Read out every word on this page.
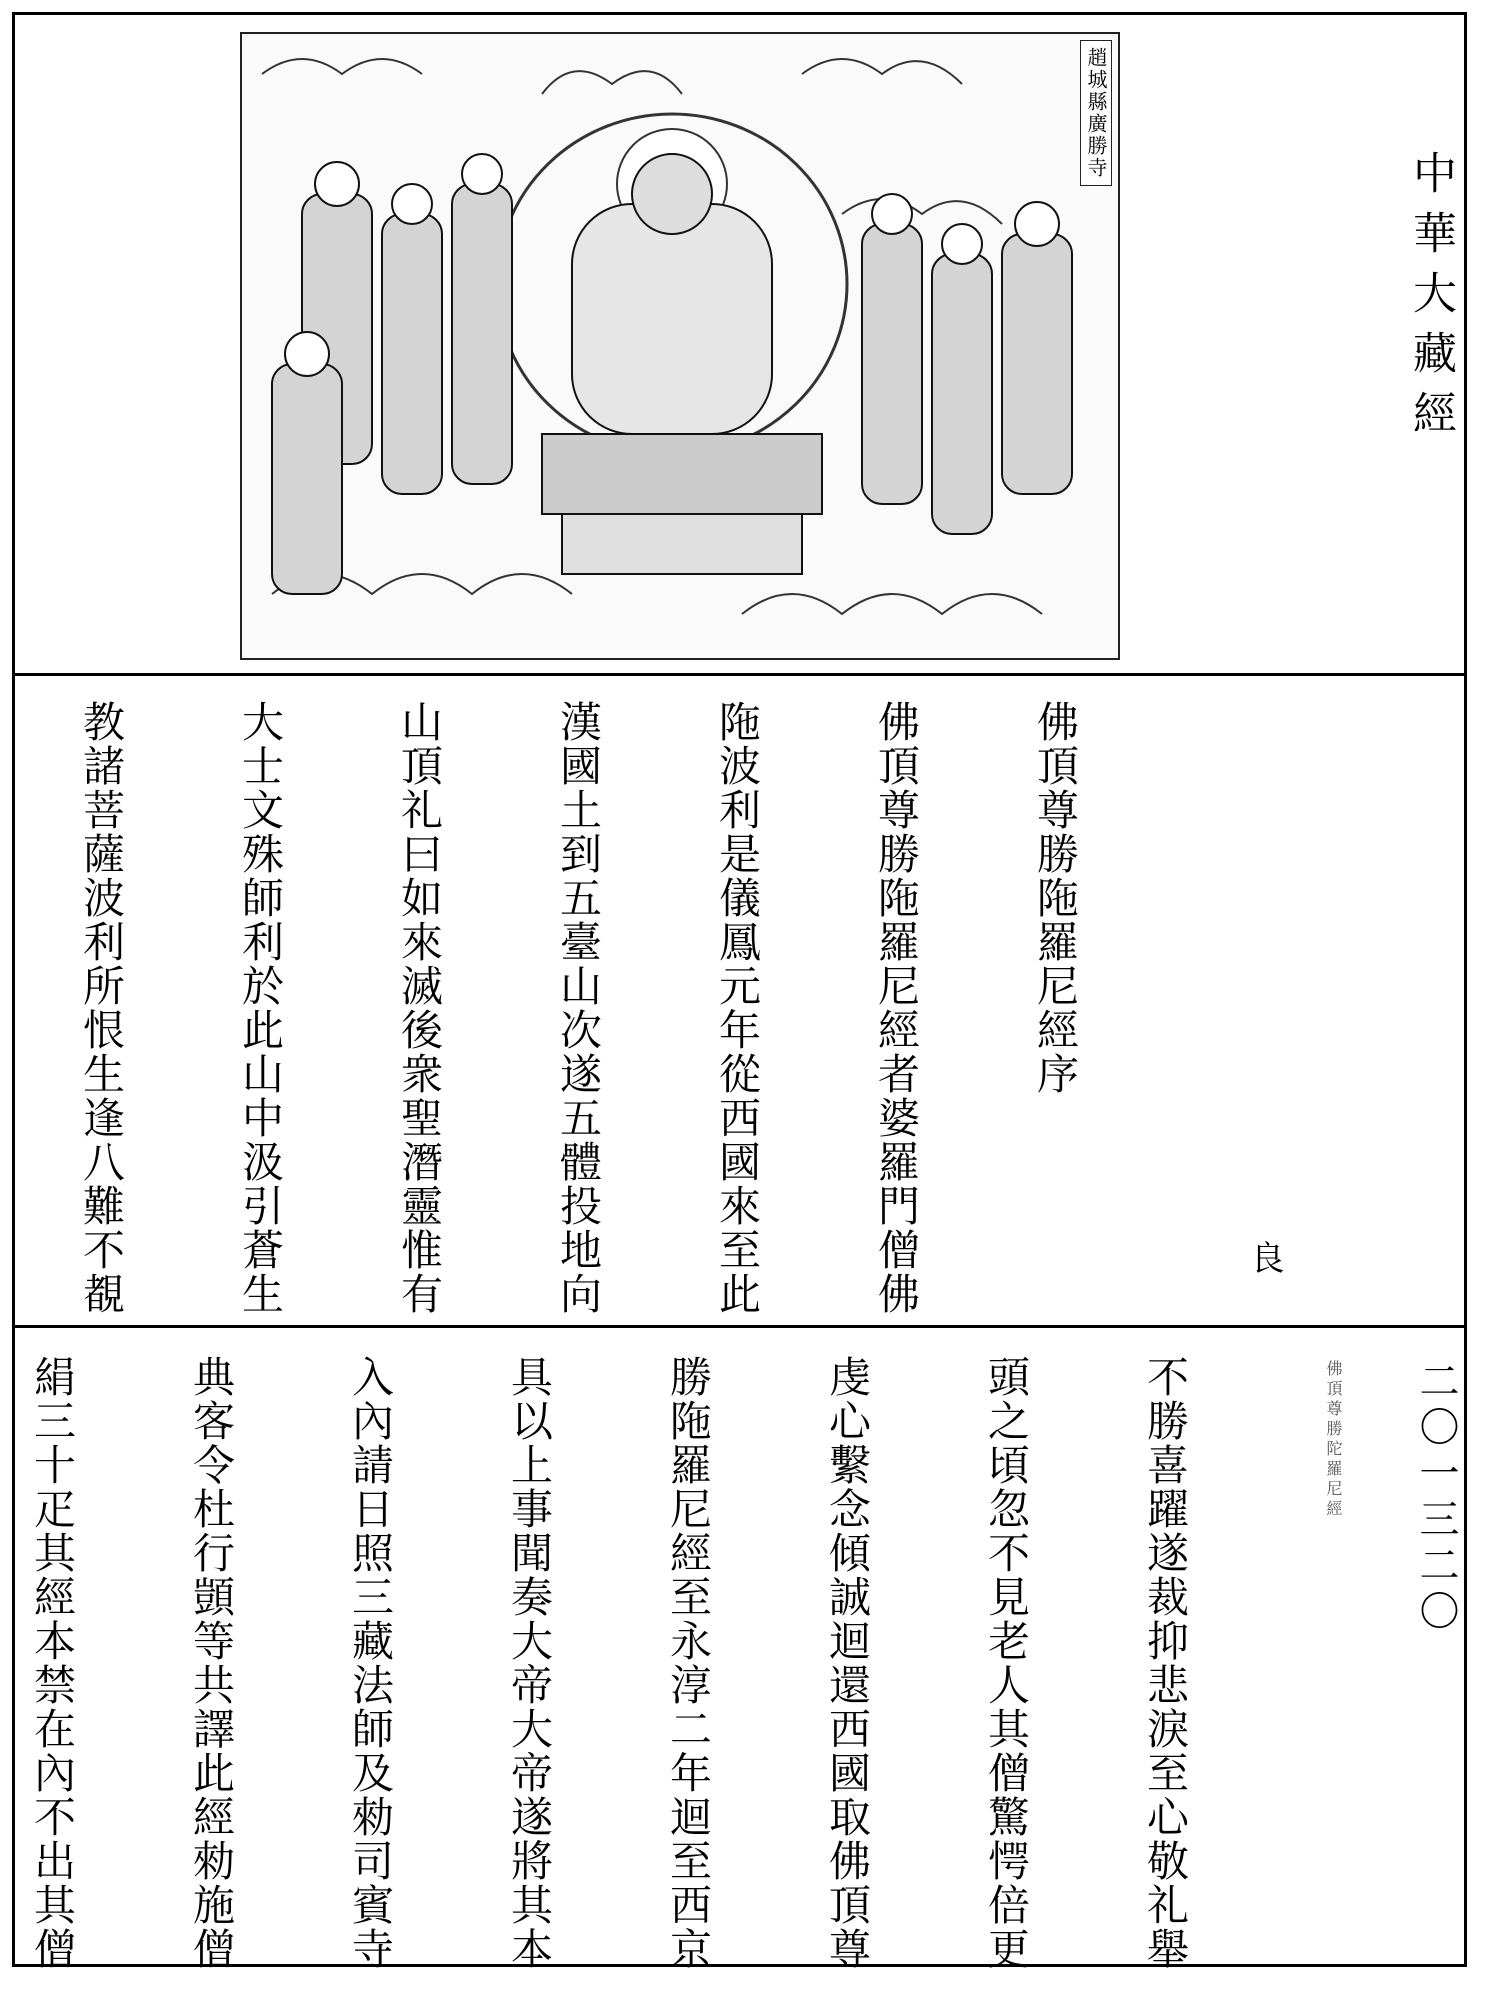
趙城縣廣勝寺
中華大藏經
二〇一三二〇

佛頂尊勝陁羅尼經序

佛頂尊勝陁羅尼經者婆羅門僧佛

陁波利是儀鳳元年從西國來至此

漢國土到五臺山次遂五體投地向

山頂礼曰如來滅後衆聖潛靈惟有

大士文殊師利於此山中汲引蒼生

教諸菩薩波利所恨生逢八難不覩

	良

不勝喜躍遂裁抑悲淚至心敬礼舉

頭之頃忽不見老人其僧驚愕倍更

虔心繫念傾誠迴還西國取佛頂尊

勝陁羅尼經至永淳二年迴至西京

具以上事聞奏大帝大帝遂將其本

入內請日照三藏法師及勑司賓寺

典客令杜行顗等共譯此經勑施僧

絹三十疋其經本禁在內不出其僧

	佛頂尊勝陀羅尼經
